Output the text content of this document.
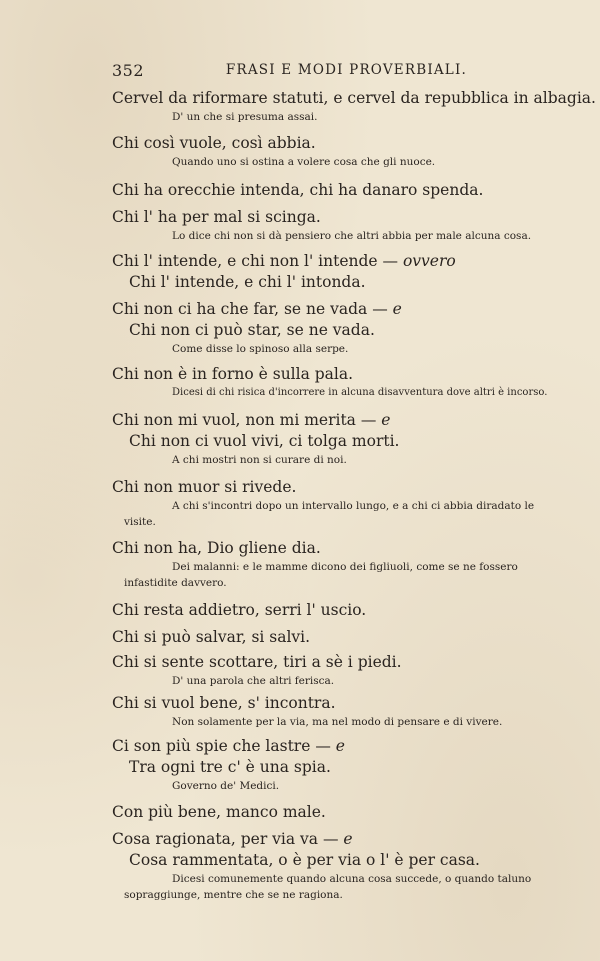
352	FRASI E MODI PROVERBIALI.
Cervel da riformare statuti, e cervel da repubblica in albagia.
D' un che si presuma assai.
Chi così vuole, così abbia.
Quando uno si ostina a volere cosa che gli nuoce.
Chi ha orecchie intenda, chi ha danaro spenda.
Chi l' ha per mal si scinga.
Lo dice chi non si dà pensiero che altri abbia per male alcuna cosa.
Chi l' intende, e chi non l' intende — ovvero
Chi l' intende, e chi l' intonda.
Chi non ci ha che far, se ne vada — e
Chi non ci può star, se ne vada.
Come disse lo spinoso alla serpe.
Chi non è in forno è sulla pala.
Dicesi di chi risica d'incorrere in alcuna disavventura dove altri è incorso.
Chi non mi vuol, non mi merita — e
Chi non ci vuol vivi, ci tolga morti.
A chi mostri non si curare di noi.
Chi non muor si rivede.
A chi s'incontri dopo un intervallo lungo, e a chi ci abbia diradato le visite.
Chi non ha, Dio gliene dia.
Dei malanni: e le mamme dicono dei figliuoli, come se ne fossero infastidite davvero.
Chi resta addietro, serri l' uscio.
Chi si può salvar, si salvi.
Chi si sente scottare, tiri a sè i piedi.
D' una parola che altri ferisca.
Chi si vuol bene, s' incontra.
Non solamente per la via, ma nel modo di pensare e di vivere.
Ci son più spie che lastre — e
Tra ogni tre c' è una spia.
Governo de' Medici.
Con più bene, manco male.
Cosa ragionata, per via va — e
Cosa rammentata, o è per via o l' è per casa.
Dicesi comunemente quando alcuna cosa succede, o quando taluno sopraggiunge, mentre che se ne ragiona.
